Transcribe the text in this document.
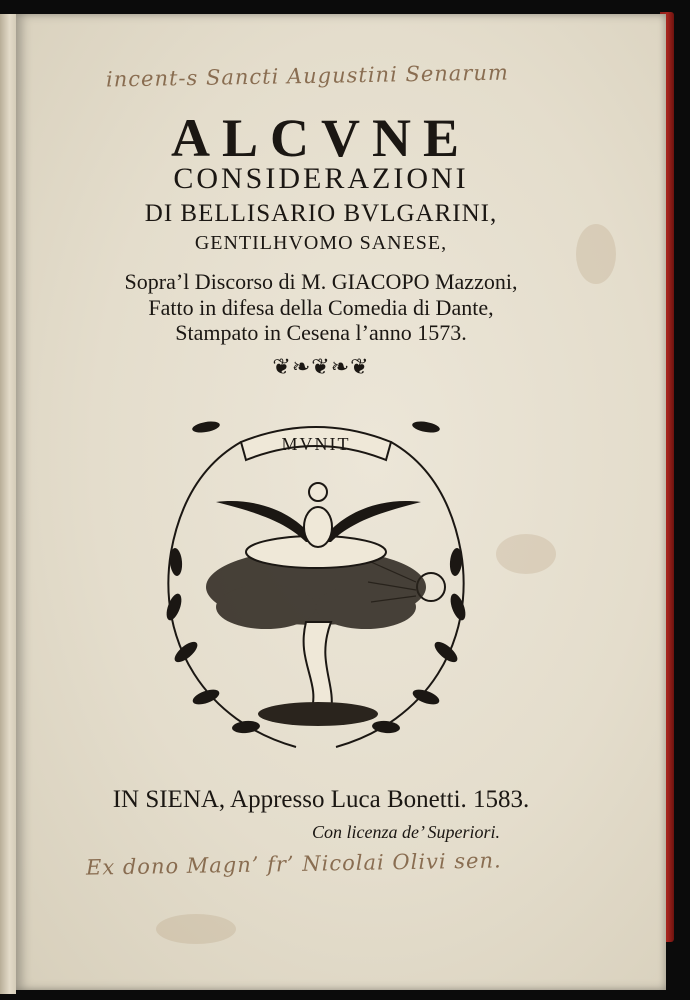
incent-s Sancti Augustini Senarum
ALCVNE
CONSIDERAZIONI
DI BELLISARIO BVLGARINI,
GENTILHVOMO SANESE,
Sopra’l Discorso di M. GIACOPO Mazzoni,
Fatto in difesa della Comedia di Dante,
Stampato in Cesena l’anno 1573.
❦❧❦❧❦
MVNIT
IN SIENA, Appresso Luca Bonetti. 1583.
Con licenza de’ Superiori.
Ex dono Magn’ fr’ Nicolai Olivi sen.
